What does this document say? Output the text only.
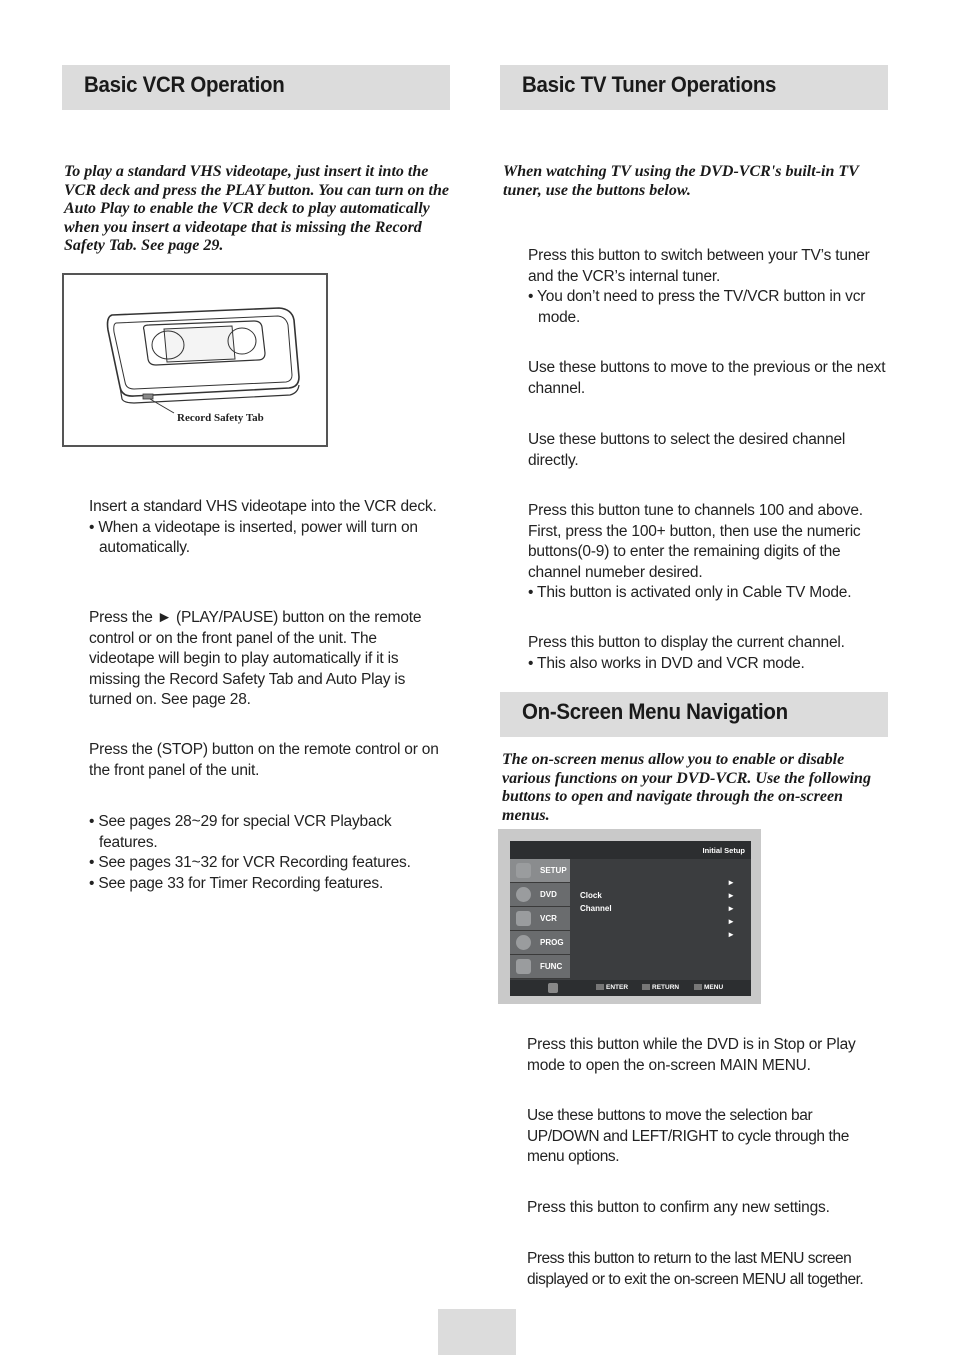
Basic VCR Operation

To play a standard VHS videotape, just insert it into the VCR deck and press the PLAY button. You can turn on the Auto Play to enable the VCR deck to play automatically when you insert a videotape that is missing the Record Safety Tab. See page 29.

Record Safety Tab

Insert a standard VHS videotape into the VCR deck.

• When a videotape is inserted, power will turn on automatically.

Press the ► (PLAY/PAUSE) button on the remote control or on the front panel of the unit. The videotape will begin to play automatically if it is missing the Record Safety Tab and Auto Play is turned on. See page 28.

Press the (STOP) button on the remote control or on the front panel of the unit.

• See pages 28~29 for special VCR Playback features.

• See pages 31~32 for VCR Recording features.

• See page 33 for Timer Recording features.

Basic TV Tuner Operations

When watching TV using the DVD-VCR's built-in TV tuner, use the buttons below.

Press this button to switch between your TV’s tuner and the VCR’s internal tuner.

• You don’t need to press the TV/VCR button in vcr mode.

Use these buttons to move to the previous or the next channel.

Use these buttons to select the desired channel directly.

Press this button tune to channels 100 and above. First, press the 100+ button, then use the numeric buttons(0-9) to enter the remaining digits of the channel numeber desired.

• This button is activated only in Cable TV Mode.

Press this button to display the current channel.

• This also works in DVD and VCR mode.

On-Screen Menu Navigation

The on-screen menus allow you to enable or disable various functions on your DVD-VCR. Use the following buttons to open and navigate through the on-screen menus.

Initial Setup
SETUP
DVD
VCR
PROG
FUNC
Clock
Channel
►
►
►
►
►
ENTER	RETURN	MENU

Press this button while the DVD is in Stop or Play mode to open the on-screen MAIN MENU.

Use these buttons to move the selection bar UP/DOWN and LEFT/RIGHT to cycle through the menu options.

Press this button to confirm any new settings.

Press this button to return to the last MENU screen displayed or to exit the on-screen MENU all together.
